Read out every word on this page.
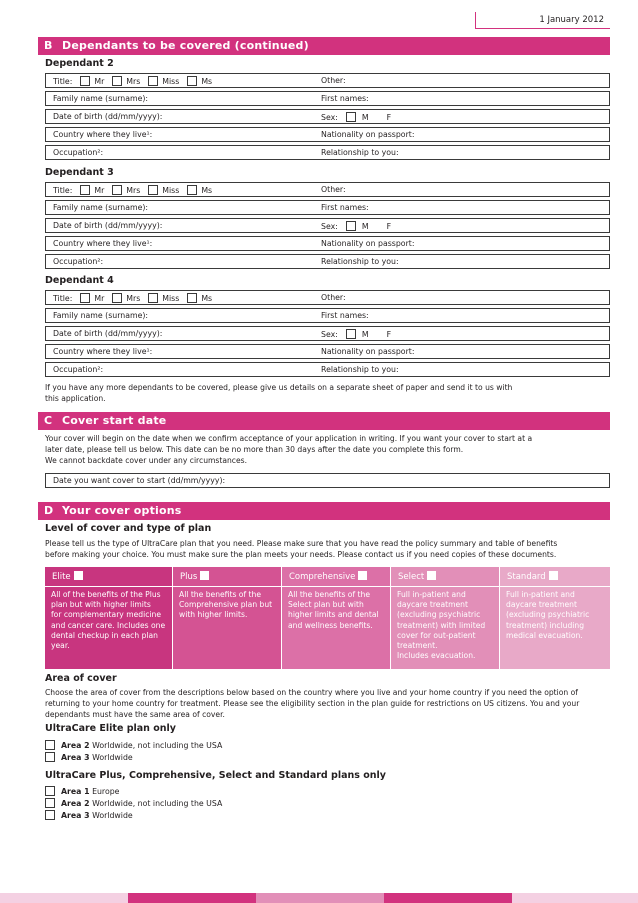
1 January 2012
B Dependants to be covered (continued)
Dependant 2
Title:	Mr	Mrs	Miss	Ms	Other:
Family name (surname):	First names:
Date of birth (dd/mm/yyyy):	Sex:	M F
Country where they live¹:	Nationality on passport:
Occupation²:	Relationship to you:
Dependant 3
Title:	Mr	Mrs	Miss	Ms	Other:
Family name (surname):	First names:
Date of birth (dd/mm/yyyy):	Sex:	M F
Country where they live¹:	Nationality on passport:
Occupation²:	Relationship to you:
Dependant 4
Title:	Mr	Mrs	Miss	Ms	Other:
Family name (surname):	First names:
Date of birth (dd/mm/yyyy):	Sex:	M F
Country where they live¹:	Nationality on passport:
Occupation²:	Relationship to you:
If you have any more dependants to be covered, please give us details on a separate sheet of paper and send it to us with
this application.
C Cover start date
Your cover will begin on the date when we confirm acceptance of your application in writing. If you want your cover to start at a
later date, please tell us below. This date can be no more than 30 days after the date you complete this form.
We cannot backdate cover under any circumstances.
Date you want cover to start (dd/mm/yyyy):
D Your cover options
Level of cover and type of plan
Please tell us the type of UltraCare plan that you need. Please make sure that you have read the policy summary and table of benefits
before making your choice. You must make sure the plan meets your needs. Please contact us if you need copies of these documents.
Elite
All of the benefits of the Plus
plan but with higher limits
for complementary medicine
and cancer care. Includes one
dental checkup in each plan
year.
Plus
All the benefits of the
Comprehensive plan but
with higher limits.
Comprehensive
All the benefits of the
Select plan but with
higher limits and dental
and wellness benefits.
Select
Full in-patient and
daycare treatment
(excluding psychiatric
treatment) with limited
cover for out-patient
treatment.
Includes evacuation.
Standard
Full in-patient and
daycare treatment
(excluding psychiatric
treatment) including
medical evacuation.
Area of cover
Choose the area of cover from the descriptions below based on the country where you live and your home country if you need the option of
returning to your home country for treatment. Please see the eligibility section in the plan guide for restrictions on US citizens. You and your
dependants must have the same area of cover.
UltraCare Elite plan only
Area 2 Worldwide, not including the USA
Area 3 Worldwide
UltraCare Plus, Comprehensive, Select and Standard plans only
Area 1 Europe
Area 2 Worldwide, not including the USA
Area 3 Worldwide
